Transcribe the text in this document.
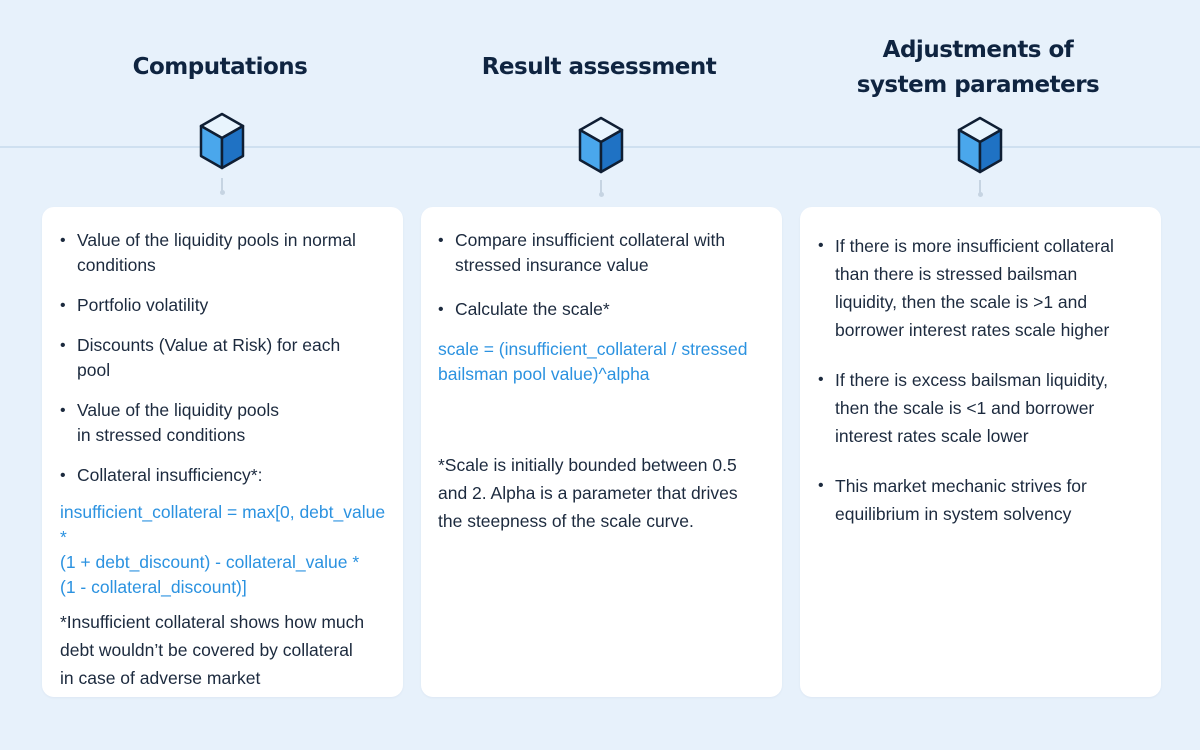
Computations	Result assessment
Adjustments of
system parameters
• Value of the liquidity pools in normal conditions
• Portfolio volatility
• Discounts (Value at Risk) for each pool
• Value of the liquidity pools in stressed conditions
• Collateral insufficiency*:
insufficient_collateral = max[0, debt_value *
(1 + debt_discount) - collateral_value *
(1 - collateral_discount)]
*Insufficient collateral shows how much
debt wouldn’t be covered by collateral
in case of adverse market
• Compare insufficient collateral with stressed insurance value
• Calculate the scale*
scale = (insufficient_collateral / stressed
bailsman pool value)^alpha
*Scale is initially bounded between 0.5
and 2. Alpha is a parameter that drives
the steepness of the scale curve.
• If there is more insufficient collateral than there is stressed bailsman liquidity, then the scale is >1 and borrower interest rates scale higher
• If there is excess bailsman liquidity, then the scale is <1 and borrower interest rates scale lower
• This market mechanic strives for equilibrium in system solvency
